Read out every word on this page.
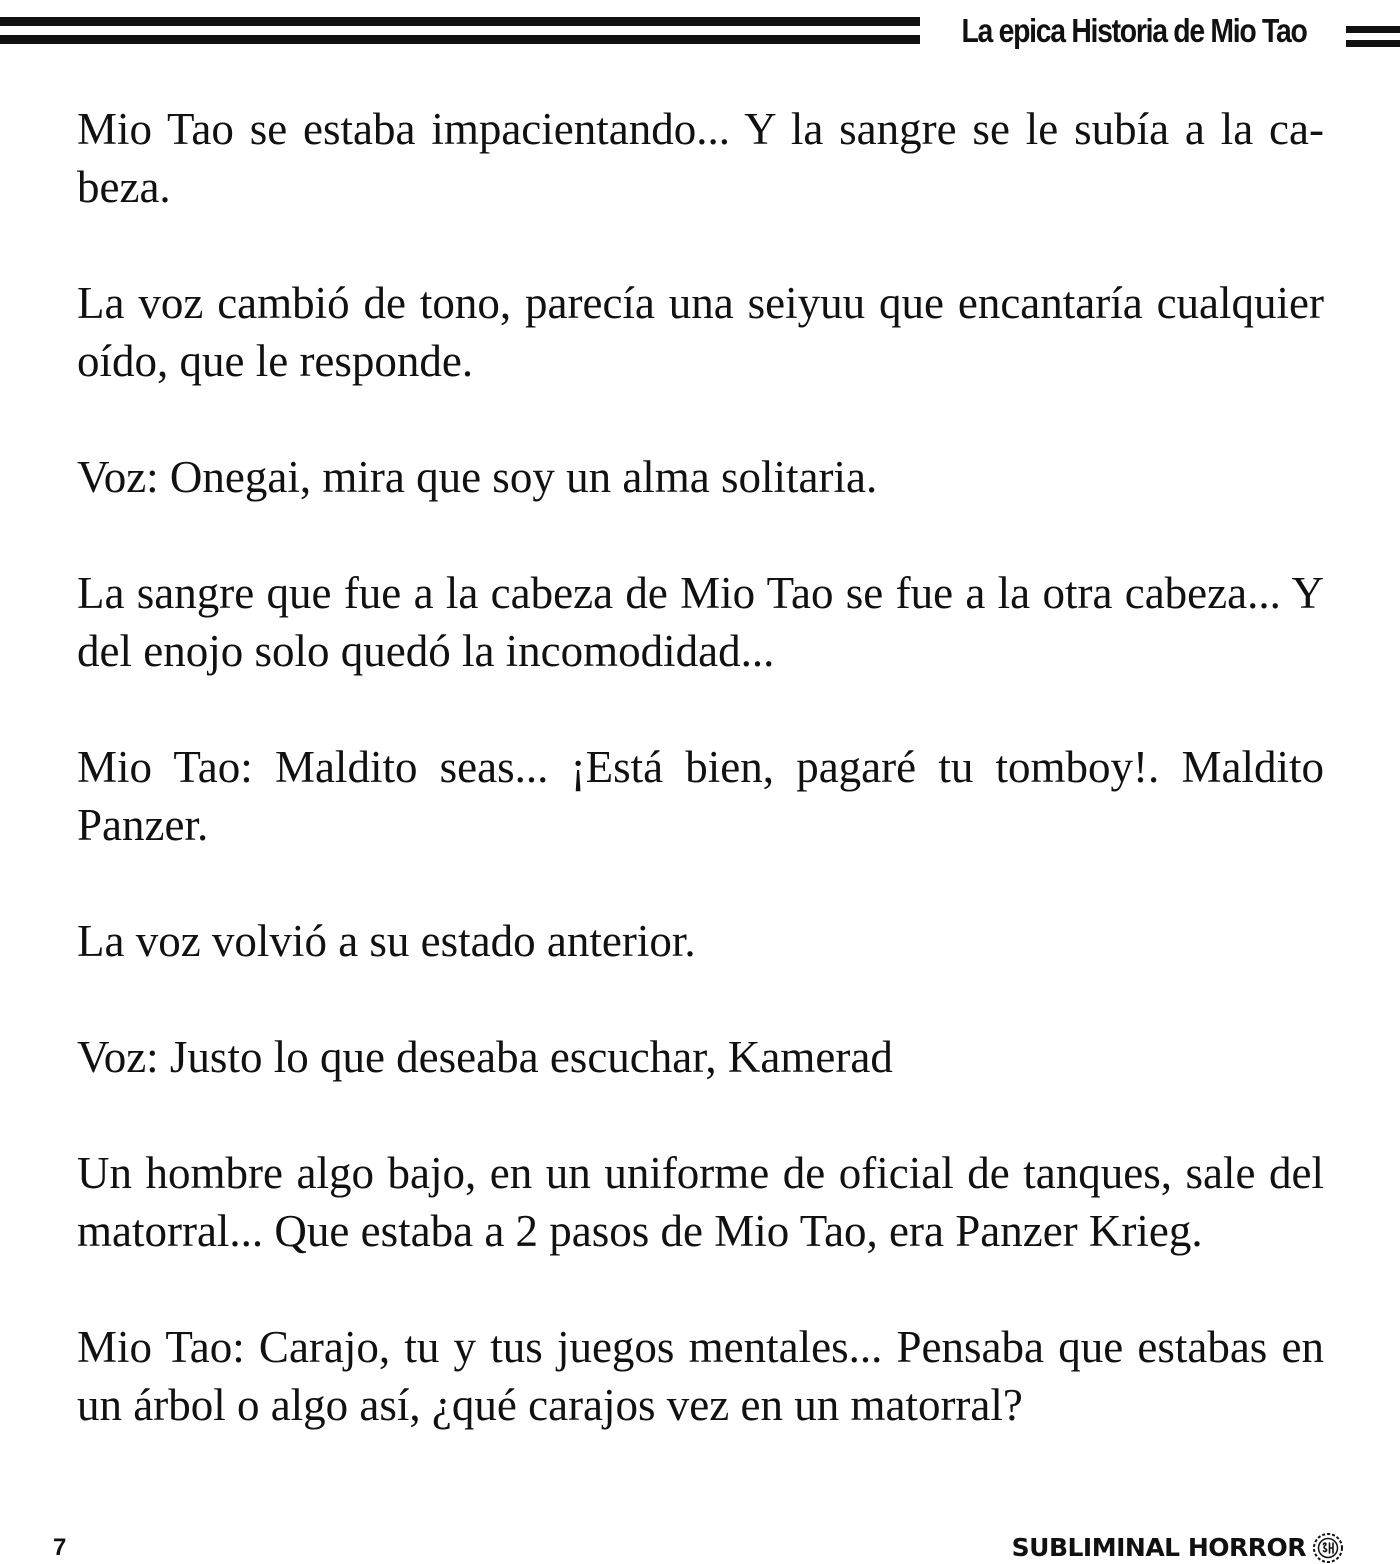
La epica Historia de Mio Tao

Mio Tao se estaba impacientando... Y la sangre se le subía a la cabeza.

La voz cambió de tono, parecía una seiyuu que encantaría cualquier oído, que le responde.

Voz: Onegai, mira que soy un alma solitaria.

La sangre que fue a la cabeza de Mio Tao se fue a la otra cabeza... Y del enojo solo quedó la incomodidad...

Mio Tao: Maldito seas... ¡Está bien, pagaré tu tomboy!. Maldito Panzer.

La voz volvió a su estado anterior.

Voz: Justo lo que deseaba escuchar, Kamerad

Un hombre algo bajo, en un uniforme de oficial de tanques, sale del matorral... Que estaba a 2 pasos de Mio Tao, era Panzer Krieg.

Mio Tao: Carajo, tu y tus juegos mentales... Pensaba que estabas en un árbol o algo así, ¿qué carajos vez en un matorral?

7	SUBLIMINAL HORROR
